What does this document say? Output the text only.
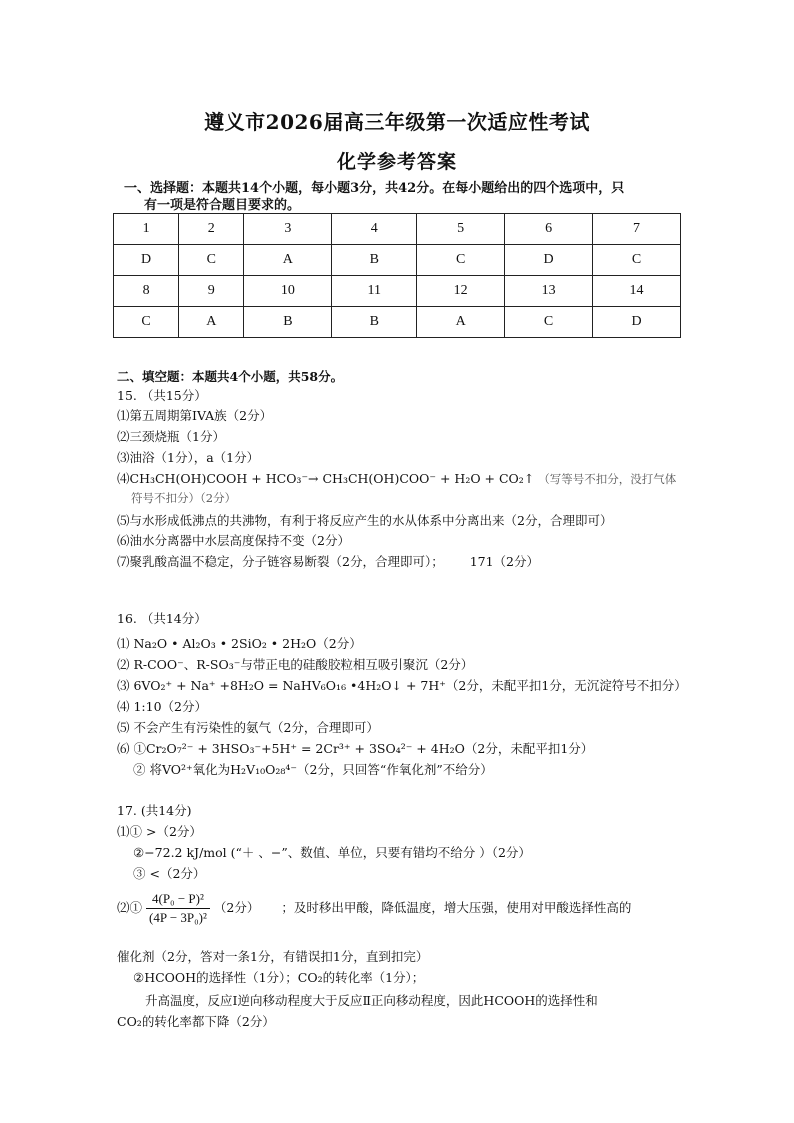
遵义市2026届高三年级第一次适应性考试
化学参考答案
一、选择题：本题共14个小题，每小题3分，共42分。在每小题给出的四个选项中，只
有一项是符合题目要求的。
1	2	3	4	5	6	7
D	C	A	B	C	D	C
8	9	10	11	12	13	14
C	A	B	B	A	C	D
二、填空题：本题共4个小题，共58分。
15. （共15分）
⑴第五周期第IVA族（2分）
⑵三颈烧瓶（1分）
⑶油浴（1分），a（1分）
⑷CH₃CH(OH)COOH + HCO₃⁻→ CH₃CH(OH)COO⁻ + H₂O + CO₂↑ （写等号不扣分，没打气体
符号不扣分）（2分）
⑸与水形成低沸点的共沸物，有利于将反应产生的水从体系中分离出来（2分，合理即可）
⑹油水分离器中水层高度保持不变（2分）
⑺聚乳酸高温不稳定，分子链容易断裂（2分，合理即可）； 171（2分）
16. （共14分）
⑴ Na₂O • Al₂O₃ • 2SiO₂ • 2H₂O（2分）
⑵ R-COO⁻、R-SO₃⁻与带正电的硅酸胶粒相互吸引聚沉（2分）
⑶ 6VO₂⁺ + Na⁺ +8H₂O = NaHV₆O₁₆ •4H₂O↓ + 7H⁺（2分，未配平扣1分，无沉淀符号不扣分）
⑷ 1:10（2分）
⑸ 不会产生有污染性的氨气（2分，合理即可）
⑹ ①Cr₂O₇²⁻ + 3HSO₃⁻+5H⁺ = 2Cr³⁺ + 3SO₄²⁻ + 4H₂O（2分，未配平扣1分）
② 将VO²⁺氧化为H₂V₁₀O₂₈⁴⁻（2分，只回答“作氧化剂”不给分）
17. (共14分)
⑴① >（2分）
②−72.2 kJ/mol (“＋ 、−”、数值、单位，只要有错均不给分 ）（2分）
③ <（2分）
⑵① $\frac{\text{4(P₀ − P)²}}{\text{(4P − 3P₀)²}} (2$分） ；及时移出甲酸，降低温度，增大压强，使用对甲酸选择性高的
催化剂（2分，答对一条1分，有错误扣1分，直到扣完）
②HCOOH的选择性（1分）；CO₂的转化率（1分）；
升高温度，反应Ⅰ逆向移动程度大于反应Ⅱ正向移动程度，因此HCOOH的选择性和
CO₂的转化率都下降（2分）
